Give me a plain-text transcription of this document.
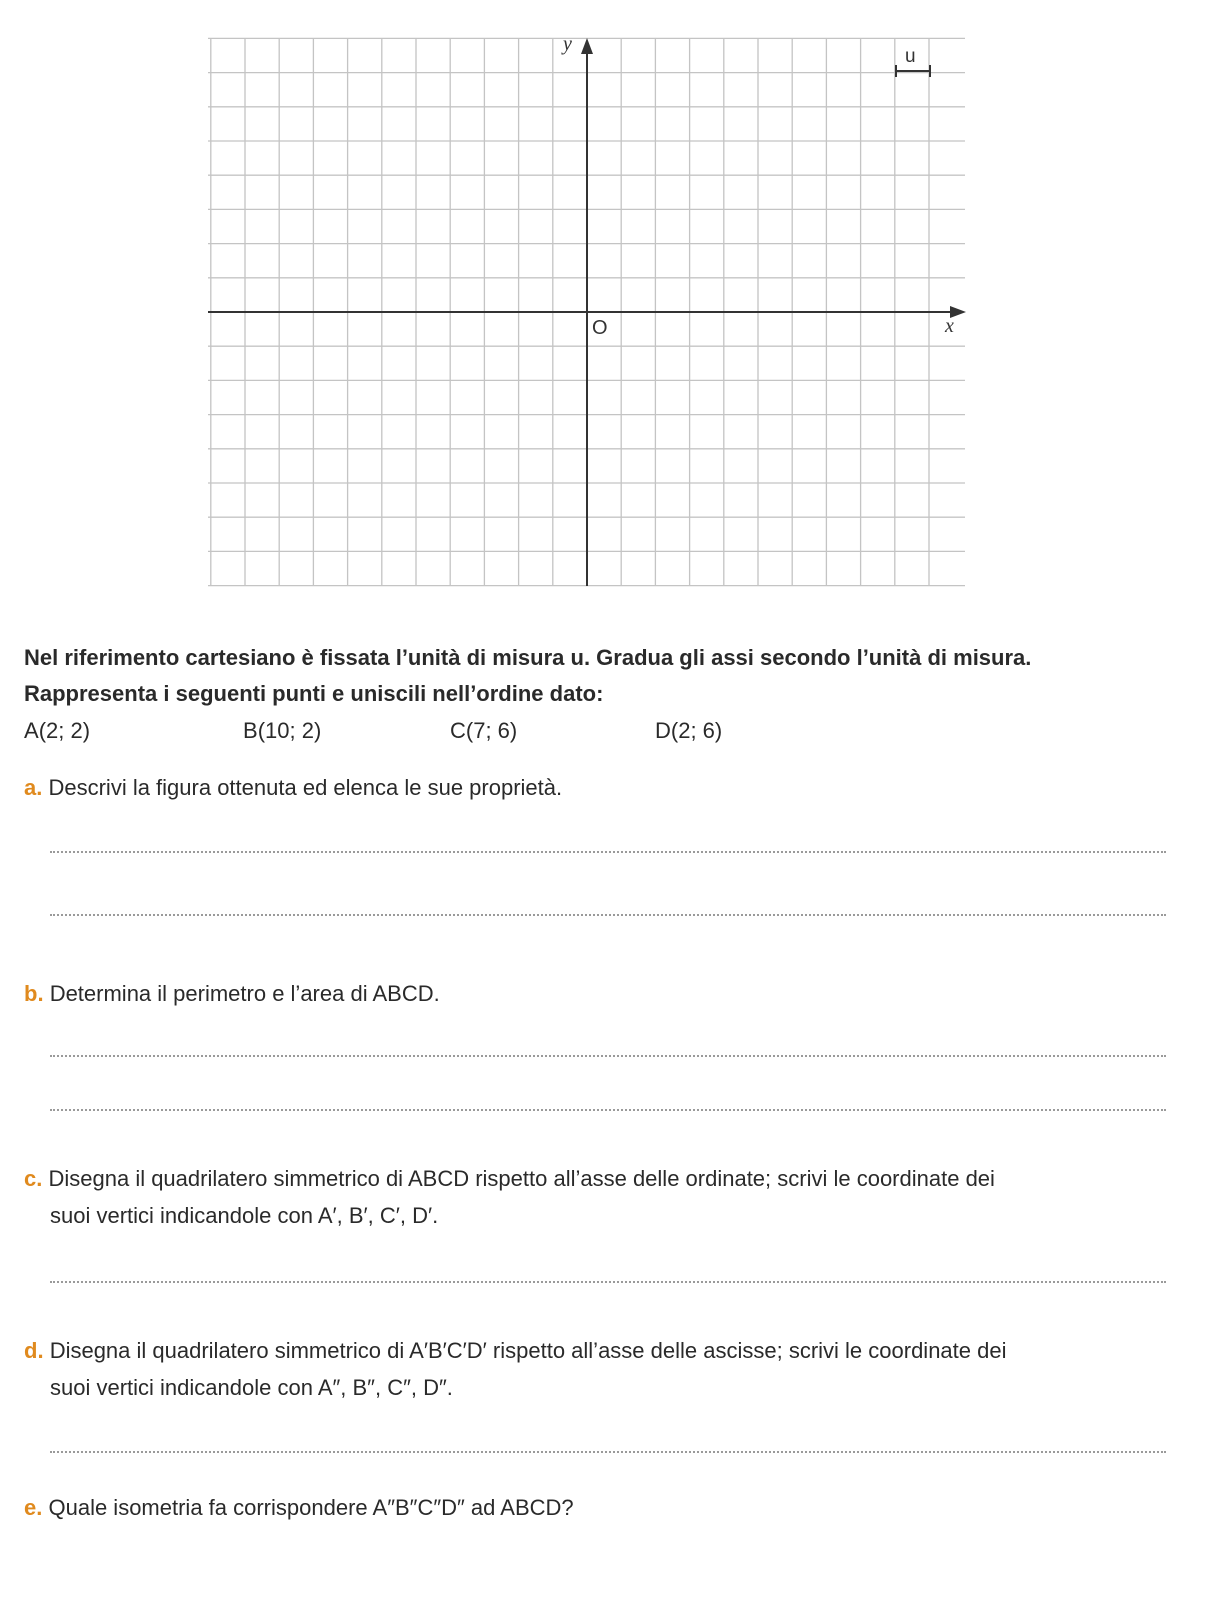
y
x
O
u
Nel riferimento cartesiano è fissata l’unità di misura u. Gradua gli assi secondo l’unità di misura.
Rappresenta i seguenti punti e uniscili nell’ordine dato:
A(2; 2)	B(10; 2)	C(7; 6)	D(2; 6)
a. Descrivi la figura ottenuta ed elenca le sue proprietà.
b. Determina il perimetro e l’area di ABCD.
c. Disegna il quadrilatero simmetrico di ABCD rispetto all’asse delle ordinate; scrivi le coordinate dei
suoi vertici indicandole con A′, B′, C′, D′.
d. Disegna il quadrilatero simmetrico di A′B′C′D′ rispetto all’asse delle ascisse; scrivi le coordinate dei
suoi vertici indicandole con A″, B″, C″, D″.
e. Quale isometria fa corrispondere A″B″C″D″ ad ABCD?
